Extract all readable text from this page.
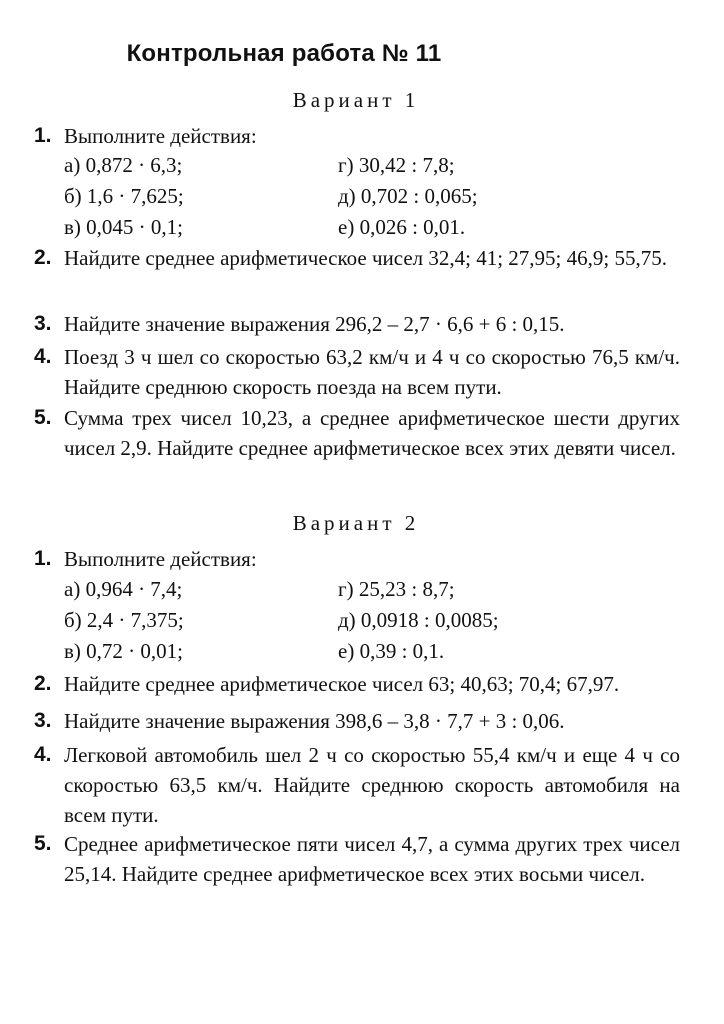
Контрольная работа № 11
Вариант 1
1. Выполните действия:
а) 0,872 · 6,3;	г) 30,42 : 7,8;
б) 1,6 · 7,625;	д) 0,702 : 0,065;
в) 0,045 · 0,1;	е) 0,026 : 0,01.
2. Найдите среднее арифметическое чисел 32,4; 41; 27,95; 46,9; 55,75.
3. Найдите значение выражения 296,2 – 2,7 · 6,6 + 6 : 0,15.
4. Поезд 3 ч шел со скоростью 63,2 км/ч и 4 ч со скоростью 76,5 км/ч. Найдите среднюю скорость поезда на всем пути.
5. Сумма трех чисел 10,23, а среднее арифметическое шести других чисел 2,9. Найдите среднее арифметическое всех этих девяти чисел.
Вариант 2
1. Выполните действия:
а) 0,964 · 7,4;	г) 25,23 : 8,7;
б) 2,4 · 7,375;	д) 0,0918 : 0,0085;
в) 0,72 · 0,01;	е) 0,39 : 0,1.
2. Найдите среднее арифметическое чисел 63; 40,63; 70,4; 67,97.
3. Найдите значение выражения 398,6 – 3,8 · 7,7 + 3 : 0,06.
4. Легковой автомобиль шел 2 ч со скоростью 55,4 км/ч и еще 4 ч со скоростью 63,5 км/ч. Найдите среднюю скорость автомобиля на всем пути.
5. Среднее арифметическое пяти чисел 4,7, а сумма других трех чисел 25,14. Найдите среднее арифметическое всех этих восьми чисел.
